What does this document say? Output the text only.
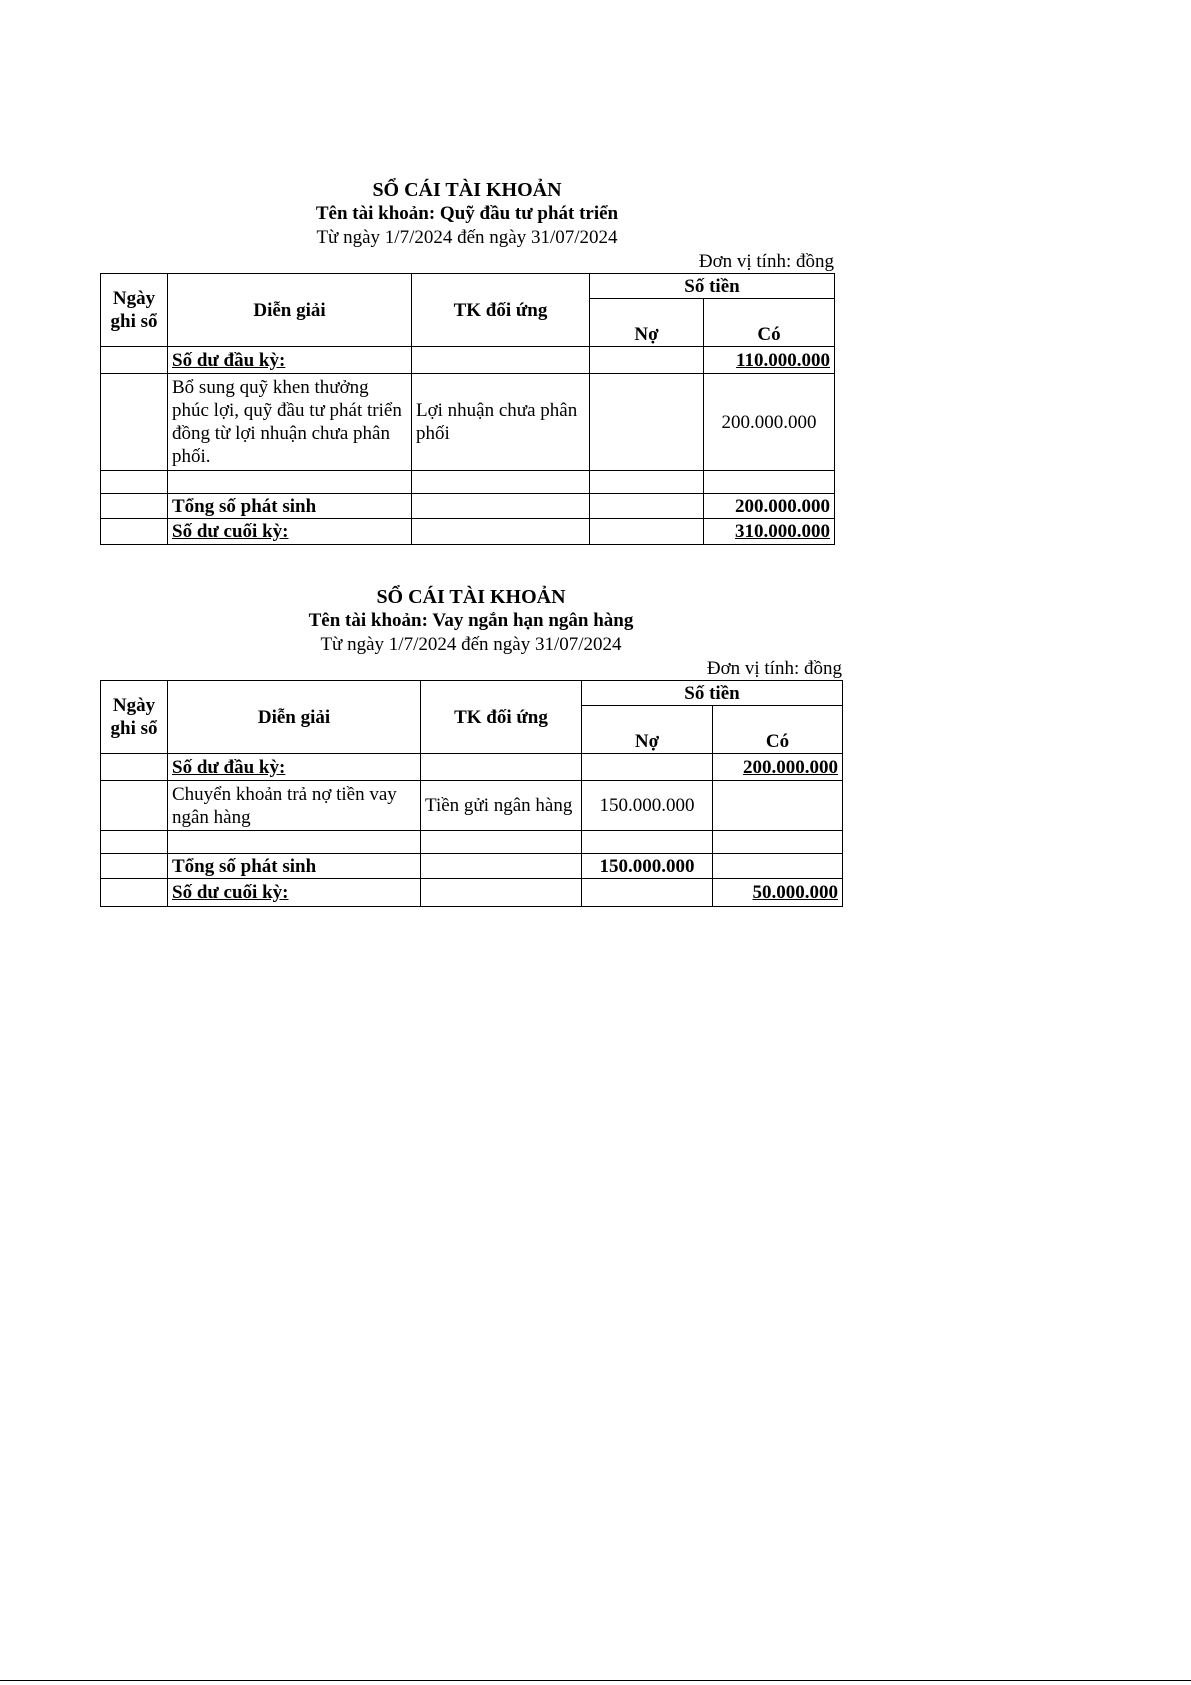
SỔ CÁI TÀI KHOẢN
Tên tài khoản: Quỹ đầu tư phát triển
Từ ngày 1/7/2024 đến ngày 31/07/2024
Đơn vị tính: đồng
Ngày ghi sổ	Diễn giải	TK đối ứng	Số tiền	
			Nợ	Có
	Số dư đầu kỳ:			110.000.000
	Bổ sung quỹ khen thưởng phúc lợi, quỹ đầu tư phát triển đồng từ lợi nhuận chưa phân phối.	Lợi nhuận chưa phân phối		200.000.000

	Tổng số phát sinh			200.000.000
	Số dư cuối kỳ:			310.000.000
SỔ CÁI TÀI KHOẢN
Tên tài khoản: Vay ngắn hạn ngân hàng
Từ ngày 1/7/2024 đến ngày 31/07/2024
Đơn vị tính: đồng
Ngày ghi sổ	Diễn giải	TK đối ứng	Số tiền	
			Nợ	Có
	Số dư đầu kỳ:			200.000.000
	Chuyển khoản trả nợ tiền vay ngân hàng	Tiền gửi ngân hàng	150.000.000	

	Tổng số phát sinh		150.000.000	
	Số dư cuối kỳ:			50.000.000
